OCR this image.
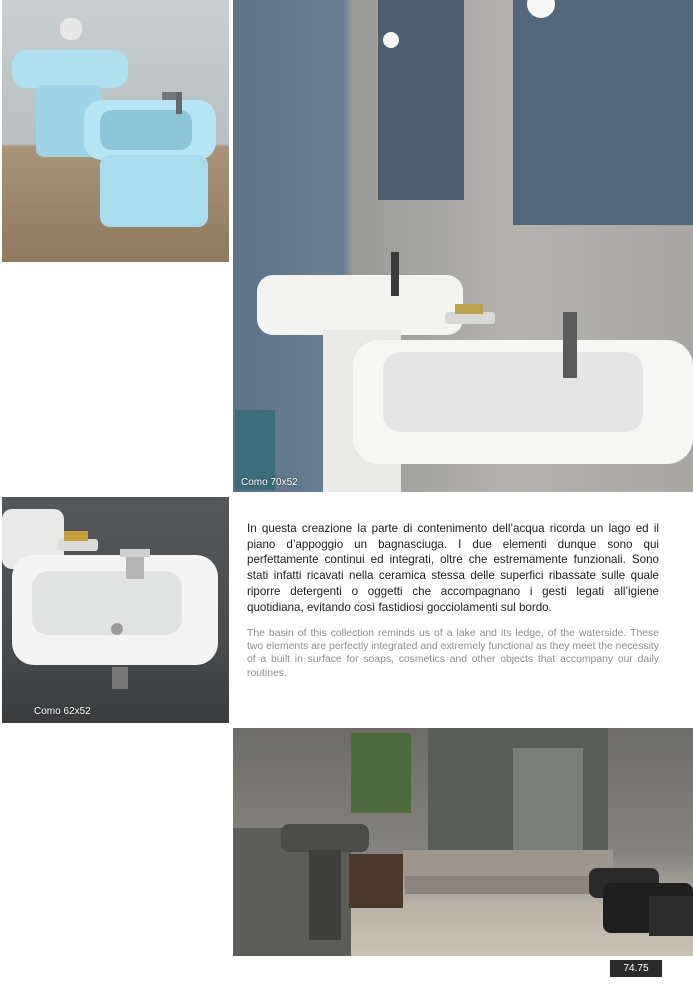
Como 70x52
Como 62x52

In questa creazione la parte di contenimento dell’acqua ricorda un lago ed il piano d’appoggio un bagnasciuga. I due elementi dunque sono qui perfettamente continui ed integrati, oltre che estremamente funzionali. Sono stati infatti ricavati nella ceramica stessa delle superfici ribassate sulle quale riporre detergenti o oggetti che accompagnano i gesti legati all’igiene quotidiana, evitando così fastidiosi gocciolamenti sul bordo.

The basin of this collection reminds us of a lake and its ledge, of the waterside. These two elements are perfectly integrated and extremely functional as they meet the necessity of a built in surface for soaps, cosmetics and other objects that accompany our daily routines.

74.75
